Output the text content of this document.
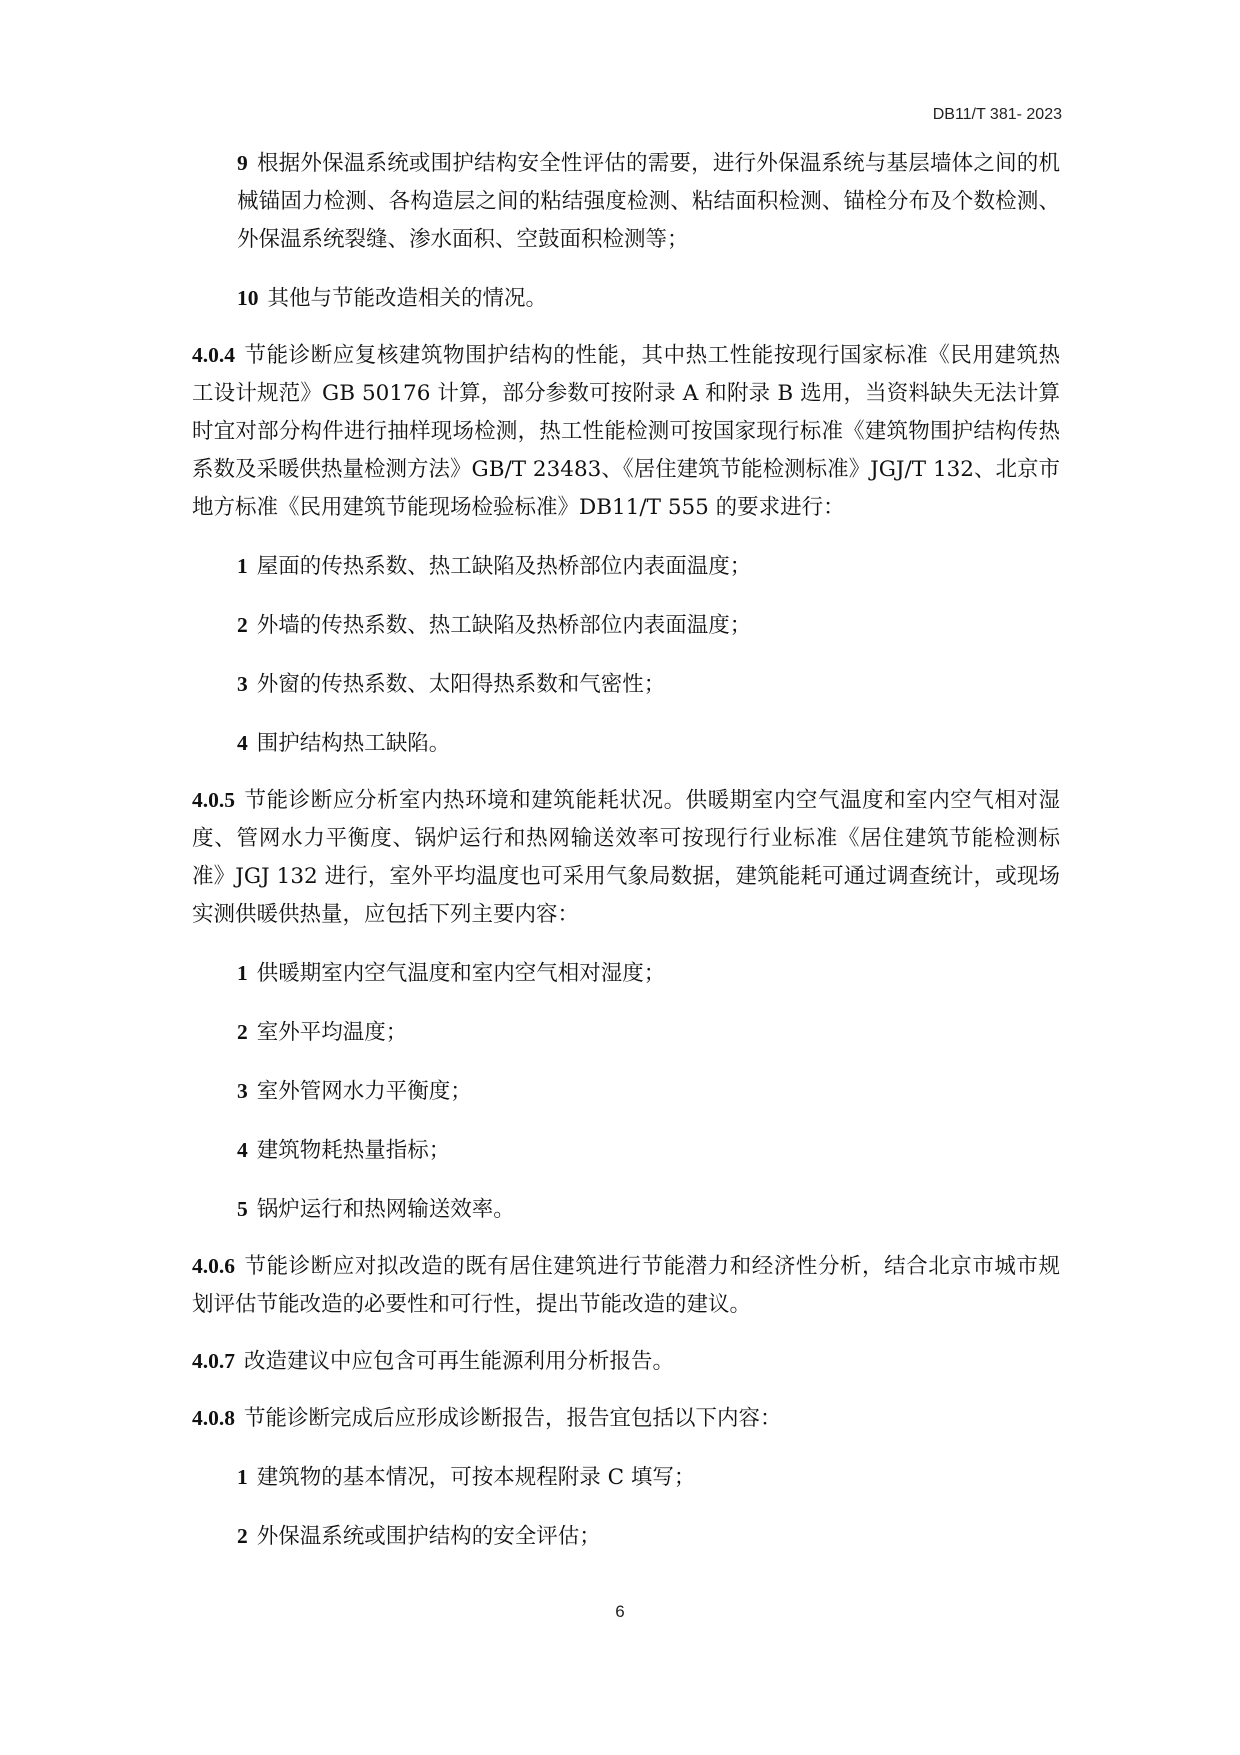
DB11/T 381- 2023

9 根据外保温系统或围护结构安全性评估的需要，进行外保温系统与基层墙体之间的机械锚固力检测、各构造层之间的粘结强度检测、粘结面积检测、锚栓分布及个数检测、外保温系统裂缝、渗水面积、空鼓面积检测等；

10 其他与节能改造相关的情况。

4.0.4 节能诊断应复核建筑物围护结构的性能，其中热工性能按现行国家标准《民用建筑热工设计规范》GB 50176 计算，部分参数可按附录 A 和附录 B 选用，当资料缺失无法计算时宜对部分构件进行抽样现场检测，热工性能检测可按国家现行标准《建筑物围护结构传热系数及采暖供热量检测方法》GB/T 23483、《居住建筑节能检测标准》JGJ/T 132、北京市地方标准《民用建筑节能现场检验标准》DB11/T 555 的要求进行：

1 屋面的传热系数、热工缺陷及热桥部位内表面温度；

2 外墙的传热系数、热工缺陷及热桥部位内表面温度；

3 外窗的传热系数、太阳得热系数和气密性；

4 围护结构热工缺陷。

4.0.5 节能诊断应分析室内热环境和建筑能耗状况。供暖期室内空气温度和室内空气相对湿度、管网水力平衡度、锅炉运行和热网输送效率可按现行行业标准《居住建筑节能检测标准》JGJ 132 进行，室外平均温度也可采用气象局数据，建筑能耗可通过调查统计，或现场实测供暖供热量，应包括下列主要内容：

1 供暖期室内空气温度和室内空气相对湿度；

2 室外平均温度；

3 室外管网水力平衡度；

4 建筑物耗热量指标；

5 锅炉运行和热网输送效率。

4.0.6 节能诊断应对拟改造的既有居住建筑进行节能潜力和经济性分析，结合北京市城市规划评估节能改造的必要性和可行性，提出节能改造的建议。

4.0.7 改造建议中应包含可再生能源利用分析报告。

4.0.8 节能诊断完成后应形成诊断报告，报告宜包括以下内容：

1 建筑物的基本情况，可按本规程附录 C 填写；

2 外保温系统或围护结构的安全评估；

6
